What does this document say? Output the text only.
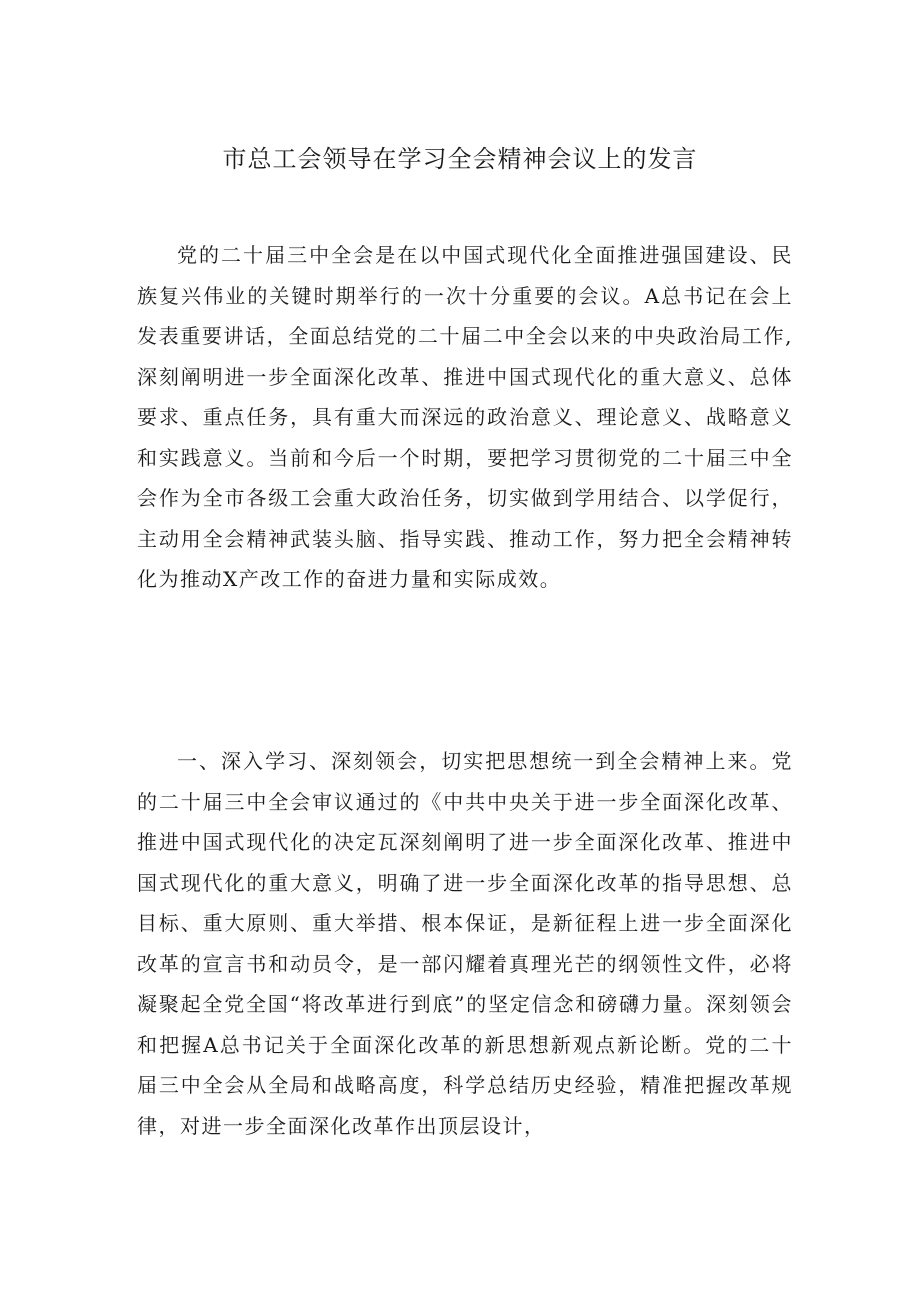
市总工会领导在学习全会精神会议上的发言

党的二十届三中全会是在以中国式现代化全面推进强国建设、民族复兴伟业的关键时期举行的一次十分重要的会议。A总书记在会上发表重要讲话，全面总结党的二十届二中全会以来的中央政治局工作,深刻阐明进一步全面深化改革、推进中国式现代化的重大意义、总体要求、重点任务，具有重大而深远的政治意义、理论意义、战略意义和实践意义。当前和今后一个时期，要把学习贯彻党的二十届三中全会作为全市各级工会重大政治任务，切实做到学用结合、以学促行，主动用全会精神武装头脑、指导实践、推动工作，努力把全会精神转化为推动X产改工作的奋进力量和实际成效。

一、深入学习、深刻领会，切实把思想统一到全会精神上来。党的二十届三中全会审议通过的《中共中央关于进一步全面深化改革、推进中国式现代化的决定瓦深刻阐明了进一步全面深化改革、推进中国式现代化的重大意义，明确了进一步全面深化改革的指导思想、总目标、重大原则、重大举措、根本保证，是新征程上进一步全面深化改革的宣言书和动员令，是一部闪耀着真理光芒的纲领性文件，必将凝聚起全党全国“将改革进行到底”的坚定信念和磅礴力量。深刻领会和把握A总书记关于全面深化改革的新思想新观点新论断。党的二十届三中全会从全局和战略高度，科学总结历史经验，精准把握改革规律，对进一步全面深化改革作出顶层设计，
